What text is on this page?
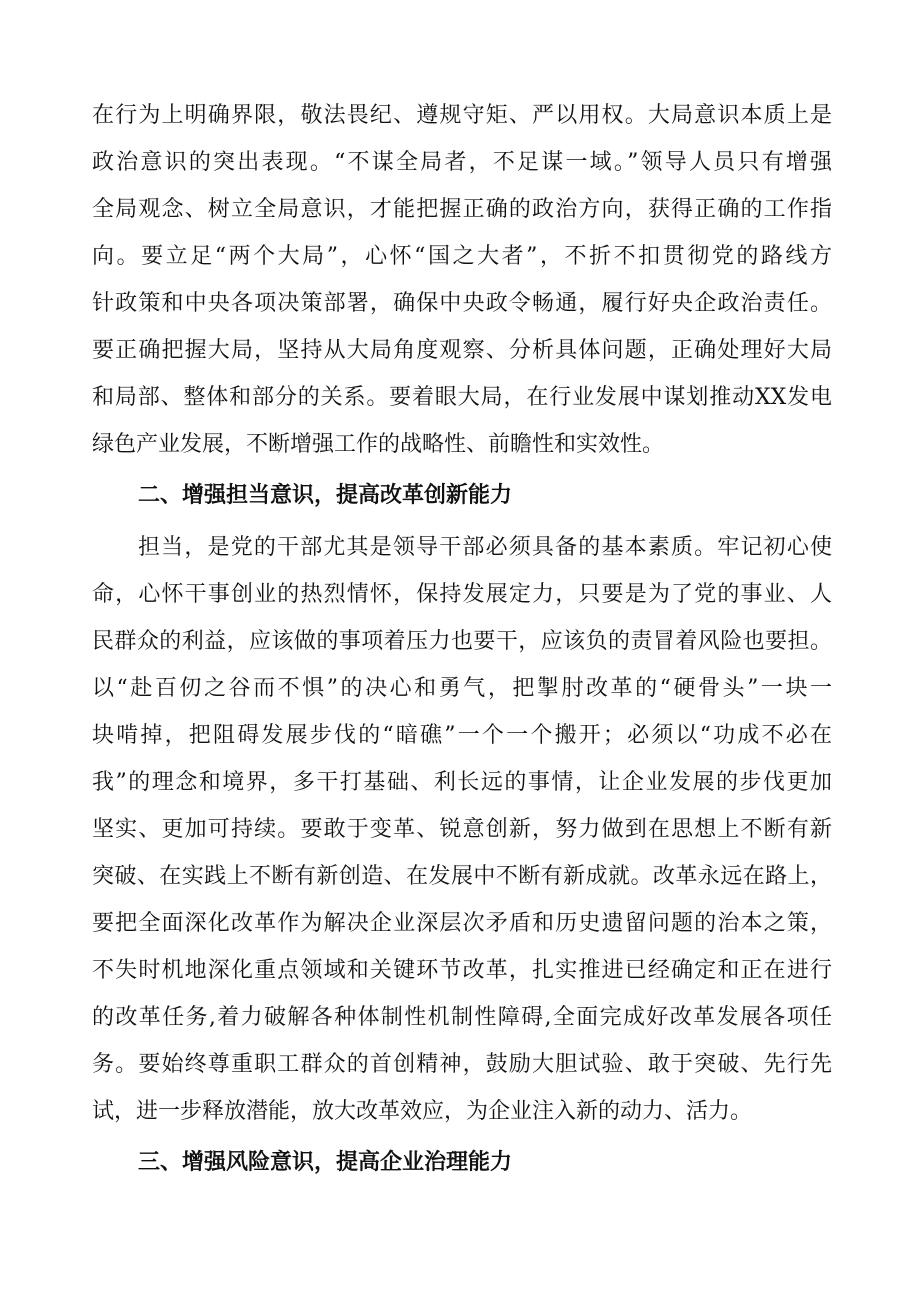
在行为上明确界限，敬法畏纪、遵规守矩、严以用权。大局意识本质上是
政治意识的突出表现。“不谋全局者，不足谋一域。”领导人员只有增强
全局观念、树立全局意识，才能把握正确的政治方向，获得正确的工作指
向。要立足“两个大局”，心怀“国之大者”，不折不扣贯彻党的路线方
针政策和中央各项决策部署，确保中央政令畅通，履行好央企政治责任。
要正确把握大局，坚持从大局角度观察、分析具体问题，正确处理好大局
和局部、整体和部分的关系。要着眼大局，在行业发展中谋划推动XX发电
绿色产业发展，不断增强工作的战略性、前瞻性和实效性。
二、增强担当意识，提高改革创新能力
担当，是党的干部尤其是领导干部必须具备的基本素质。牢记初心使
命，心怀干事创业的热烈情怀，保持发展定力，只要是为了党的事业、人
民群众的利益，应该做的事项着压力也要干，应该负的责冒着风险也要担。
以“赴百仞之谷而不惧”的决心和勇气，把掣肘改革的“硬骨头”一块一
块啃掉，把阻碍发展步伐的“暗礁”一个一个搬开；必须以“功成不必在
我”的理念和境界，多干打基础、利长远的事情，让企业发展的步伐更加
坚实、更加可持续。要敢于变革、锐意创新，努力做到在思想上不断有新
突破、在实践上不断有新创造、在发展中不断有新成就。改革永远在路上，
要把全面深化改革作为解决企业深层次矛盾和历史遗留问题的治本之策，
不失时机地深化重点领域和关键环节改革，扎实推进已经确定和正在进行
的改革任务,着力破解各种体制性机制性障碍,全面完成好改革发展各项任
务。要始终尊重职工群众的首创精神，鼓励大胆试验、敢于突破、先行先
试，进一步释放潜能，放大改革效应，为企业注入新的动力、活力。
三、增强风险意识，提高企业治理能力
